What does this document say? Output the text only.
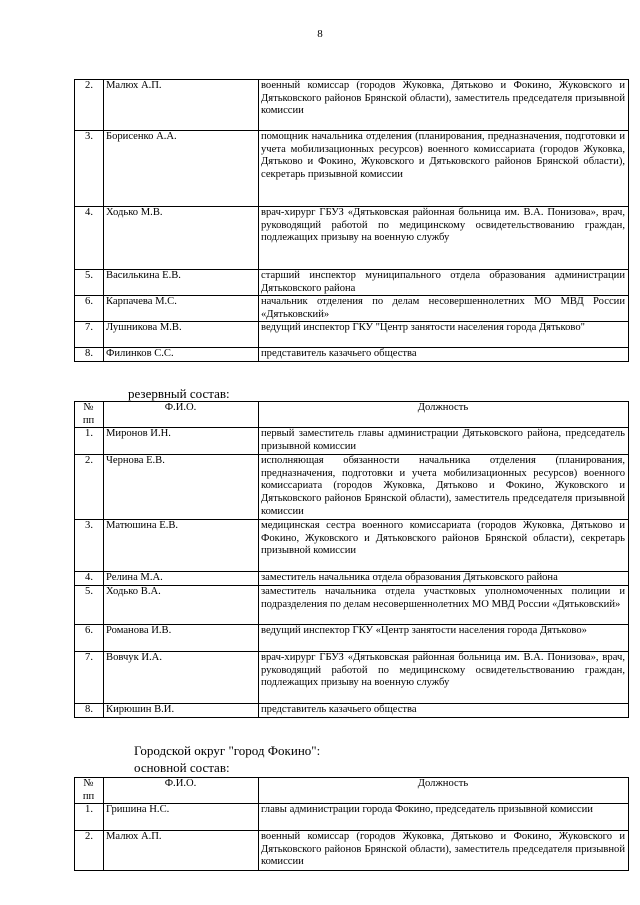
8
2.	Малюх А.П.	военный комиссар (городов Жуковка, Дятьково и Фокино, Жуковского и Дятьковского районов Брянской области), заместитель председателя призывной комиссии
3.	Борисенко А.А.	помощник начальника отделения (планирования, предназначения, подготовки и учета мобилизационных ресурсов) военного комиссариата (городов Жуковка, Дятьково и Фокино, Жуковского и Дятьковского районов Брянской области), секретарь призывной комиссии
4.	Ходько М.В.	врач-хирург ГБУЗ «Дятьковская районная больница им. В.А. Понизова», врач, руководящий работой по медицинскому освидетельствованию граждан, подлежащих призыву на военную службу
5.	Василькина Е.В.	старший инспектор муниципального отдела образования администрации Дятьковского района
6.	Карпачева М.С.	начальник отделения по делам несовершеннолетних МО МВД России «Дятьковский»
7.	Лушникова М.В.	ведущий инспектор ГКУ "Центр занятости населения города Дятьково"
8.	Филинков С.С.	представитель казачьего общества
резервный состав:
№ пп	Ф.И.О.	Должность
1.	Миронов И.Н.	первый заместитель главы администрации Дятьковского района, председатель призывной комиссии
2.	Чернова Е.В.	исполняющая обязанности начальника отделения (планирования, предназначения, подготовки и учета мобилизационных ресурсов) военного комиссариата (городов Жуковка, Дятьково и Фокино, Жуковского и Дятьковского районов Брянской области), заместитель председателя призывной комиссии
3.	Матюшина Е.В.	медицинская сестра военного комиссариата (городов Жуковка, Дятьково и Фокино, Жуковского и Дятьковского районов Брянской области), секретарь призывной комиссии
4.	Релина М.А.	заместитель начальника отдела образования Дятьковского района
5.	Ходько В.А.	заместитель начальника отдела участковых уполномоченных полиции и подразделения по делам несовершеннолетних МО МВД России «Дятьковский»
6.	Романова И.В.	ведущий инспектор ГКУ «Центр занятости населения города Дятьково»
7.	Вовчук И.А.	врач-хирург ГБУЗ «Дятьковская районная больница им. В.А. Понизова», врач, руководящий работой по медицинскому освидетельствованию граждан, подлежащих призыву на военную службу
8.	Кирюшин В.И.	представитель казачьего общества
Городской округ "город Фокино":
основной состав:
№ пп	Ф.И.О.	Должность
1.	Гришина Н.С.	главы администрации города Фокино, председатель призывной комиссии
2.	Малюх А.П.	военный комиссар (городов Жуковка, Дятьково и Фокино, Жуковского и Дятьковского районов Брянской области), заместитель председателя призывной комиссии
